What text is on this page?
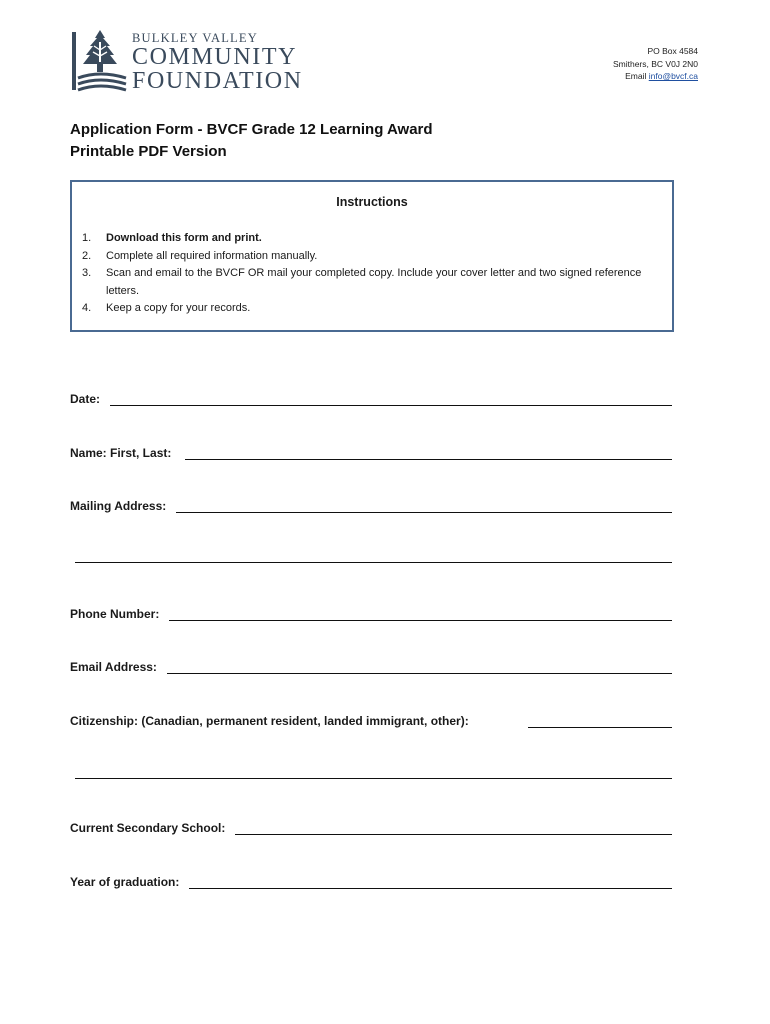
BULKLEY VALLEY
COMMUNITY
FOUNDATION
PO Box 4584
Smithers, BC V0J 2N0
Email info@bvcf.ca
Application Form - BVCF Grade 12 Learning Award
Printable PDF Version
Instructions
1. Download this form and print.
2. Complete all required information manually.
3. Scan and email to the BVCF OR mail your completed copy. Include your cover letter and two signed reference letters.
4. Keep a copy for your records.
Date:
Name: First, Last:
Mailing Address:
Phone Number:
Email Address:
Citizenship: (Canadian, permanent resident, landed immigrant, other):
Current Secondary School:
Year of graduation:
